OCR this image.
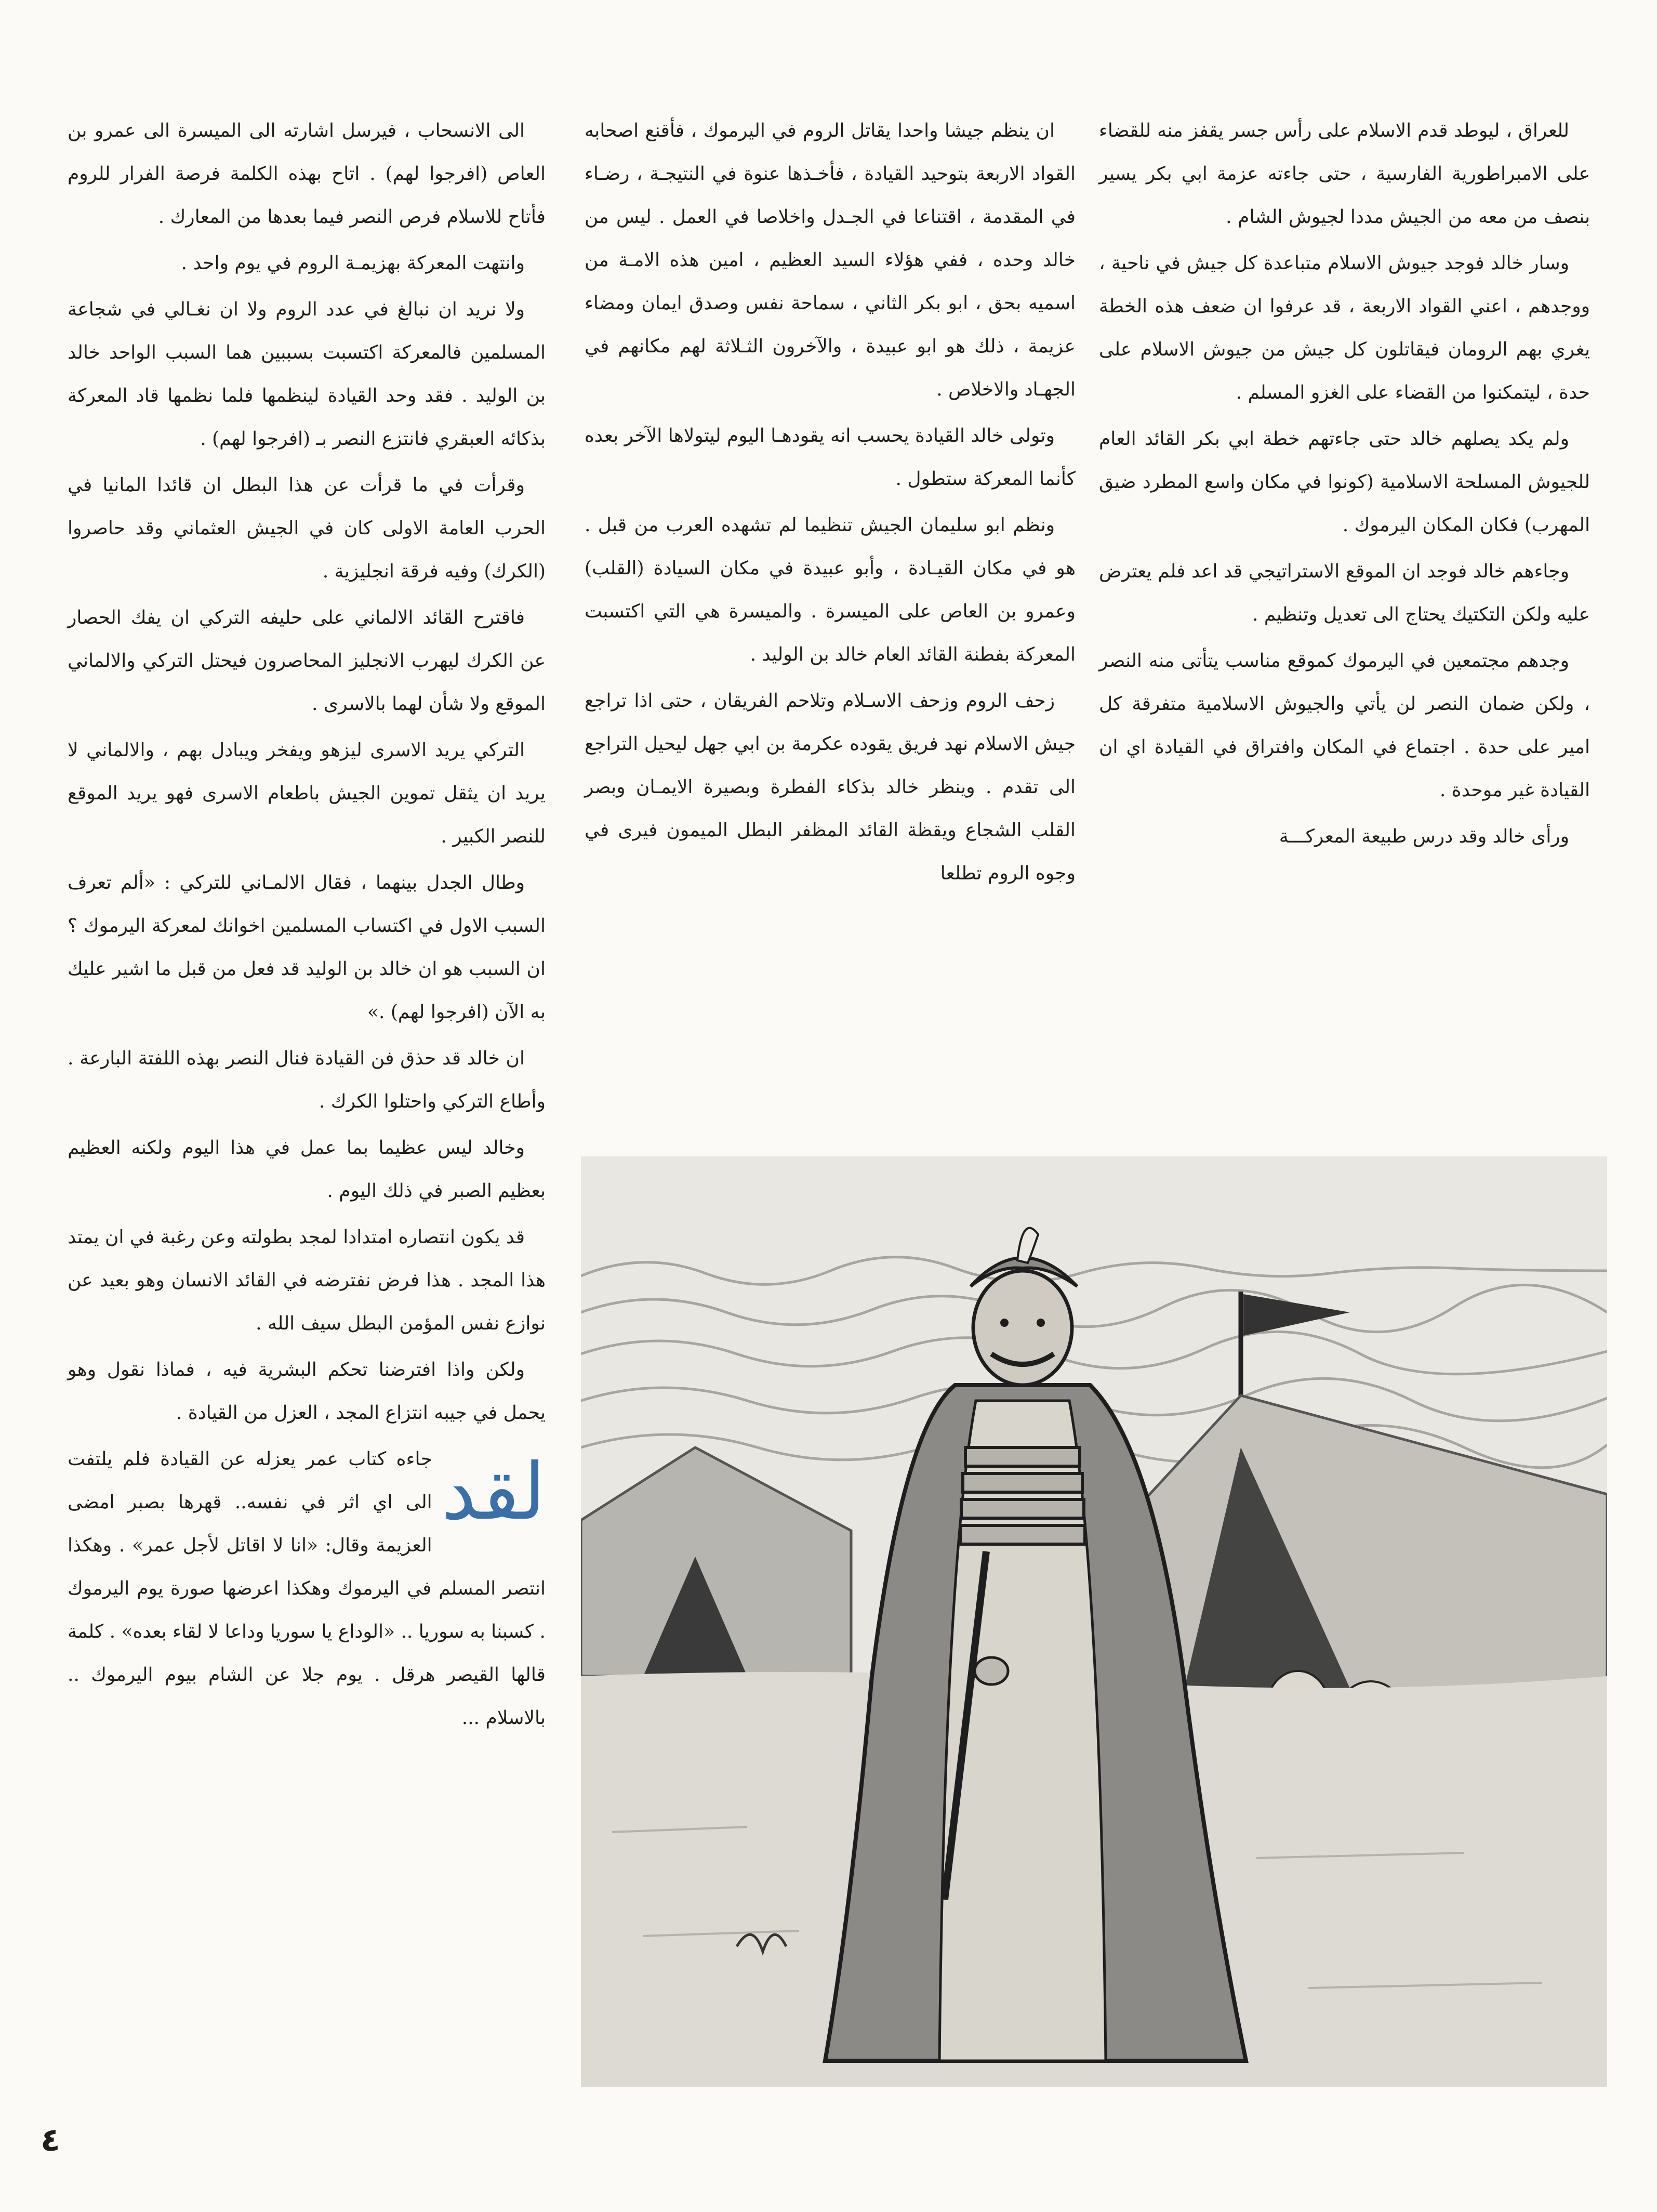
للعراق ، ليوطد قدم الاسلام على رأس جسر يقفز منه للقضاء على الامبراطورية الفارسية ، حتى جاءته عزمة ابي بكر يسير بنصف من معه من الجيش مددا لجيوش الشام .

وسار خالد فوجد جيوش الاسلام متباعدة كل جيش في ناحية ، ووجدهم ، اعني القواد الاربعة ، قد عرفوا ان ضعف هذه الخطة يغري بهم الرومان فيقاتلون كل جيش من جيوش الاسلام على حدة ، ليتمكنوا من القضاء على الغزو المسلم .

ولم يكد يصلهم خالد حتى جاءتهم خطة ابي بكر القائد العام للجيوش المسلحة الاسلامية (كونوا في مكان واسع المطرد ضيق المهرب) فكان المكان اليرموك .

وجاءهم خالد فوجد ان الموقع الاستراتيجي قد اعد فلم يعترض عليه ولكن التكتيك يحتاج الى تعديل وتنظيم .

وجدهم مجتمعين في اليرموك كموقع مناسب يتأتى منه النصر ، ولكن ضمان النصر لن يأتي والجيوش الاسلامية متفرقة كل امير على حدة . اجتماع في المكان وافتراق في القيادة اي ان القيادة غير موحدة .

ورأى خالد وقد درس طبيعة المعركـــة

ان ينظم جيشا واحدا يقاتل الروم في اليرموك ، فأقنع اصحابه القواد الاربعة بتوحيد القيادة ، فأخـذها عنوة في النتيجـة ، رضـاء في المقدمة ، اقتناعا في الجـدل واخلاصا في العمل . ليس من خالد وحده ، ففي هؤلاء السيد العظيم ، امين هذه الامـة من اسميه بحق ، ابو بكر الثاني ، سماحة نفس وصدق ايمان ومضاء عزيمة ، ذلك هو ابو عبيدة ، والآخرون الثـلاثة لهم مكانهم في الجهـاد والاخلاص .

وتولى خالد القيادة يحسب انه يقودهـا اليوم ليتولاها الآخر بعده كأنما المعركة ستطول .

ونظم ابو سليمان الجيش تنظيما لم تشهده العرب من قبل . هو في مكان القيـادة ، وأبو عبيدة في مكان السيادة (القلب) وعمرو بن العاص على الميسرة . والميسرة هي التي اكتسبت المعركة بفطنة القائد العام خالد بن الوليد .

زحف الروم وزحف الاسـلام وتلاحم الفريقان ، حتى اذا تراجع جيش الاسلام نهد فريق يقوده عكرمة بن ابي جهل ليحيل التراجع الى تقدم . وينظر خالد بذكاء الفطرة وبصيرة الايمـان وبصر القلب الشجاع ويقظة القائد المظفر البطل الميمون فيرى في وجوه الروم تطلعا

الى الانسحاب ، فيرسل اشارته الى الميسرة الى عمرو بن العاص (افرجوا لهم) . اتاح بهذه الكلمة فرصة الفرار للروم فأتاح للاسلام فرص النصر فيما بعدها من المعارك .

وانتهت المعركة بهزيمـة الروم في يوم واحد .

ولا نريد ان نبالغ في عدد الروم ولا ان نغـالي في شجاعة المسلمين فالمعركة اكتسبت بسببين هما السبب الواحد خالد بن الوليد . فقد وحد القيادة لينظمها فلما نظمها قاد المعركة بذكائه العبقري فانتزع النصر بـ (افرجوا لهم) .

وقرأت في ما قرأت عن هذا البطل ان قائدا المانيا في الحرب العامة الاولى كان في الجيش العثماني وقد حاصروا (الكرك) وفيه فرقة انجليزية .

فاقترح القائد الالماني على حليفه التركي ان يفك الحصار عن الكرك ليهرب الانجليز المحاصرون فيحتل التركي والالماني الموقع ولا شأن لهما بالاسرى .

التركي يريد الاسرى ليزهو ويفخر ويبادل بهم ، والالماني لا يريد ان يثقل تموين الجيش باطعام الاسرى فهو يريد الموقع للنصر الكبير .

وطال الجدل بينهما ، فقال الالمـاني للتركي : «ألم تعرف السبب الاول في اكتساب المسلمين اخوانك لمعركة اليرموك ؟ ان السبب هو ان خالد بن الوليد قد فعل من قبل ما اشير عليك به الآن (افرجوا لهم) .»

ان خالد قد حذق فن القيادة فنال النصر بهذه اللفتة البارعة . وأطاع التركي واحتلوا الكرك .

وخالد ليس عظيما بما عمل في هذا اليوم ولكنه العظيم بعظيم الصبر في ذلك اليوم .

قد يكون انتصاره امتدادا لمجد بطولته وعن رغبة في ان يمتد هذا المجد . هذا فرض نفترضه في القائد الانسان وهو بعيد عن نوازع نفس المؤمن البطل سيف الله .

ولكن واذا افترضنا تحكم البشرية فيه ، فماذا نقول وهو يحمل في جيبه انتزاع المجد ، العزل من القيادة .

لقد
جاءه كتاب عمر يعزله عن القيادة فلم يلتفت الى اي اثر في نفسه.. قهرها بصبر امضى العزيمة وقال: «انا لا اقاتل لأجل عمر» . وهكذا انتصر المسلم في اليرموك وهكذا اعرضها صورة يوم اليرموك . كسبنا به سوريا .. «الوداع يا سوريا وداعا لا لقاء بعده» . كلمة قالها القيصر هرقل . يوم جلا عن الشام بيوم اليرموك .. بالاسلام ...
٤
